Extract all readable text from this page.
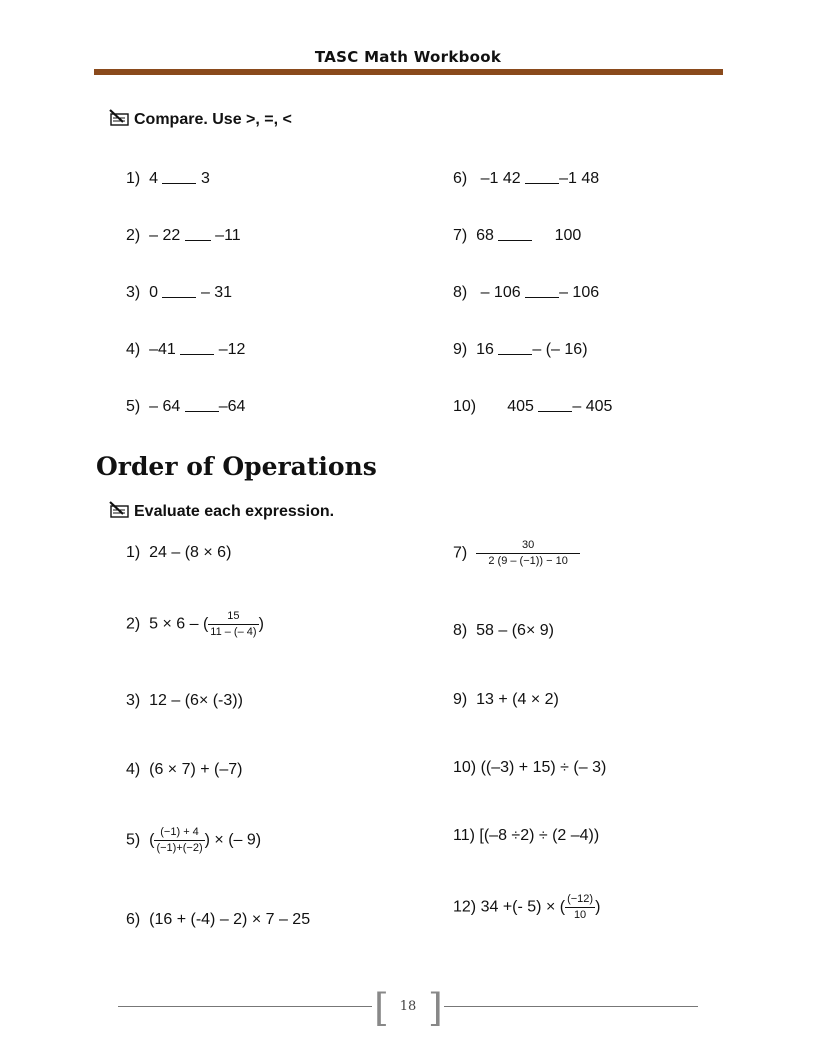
TASC Math Workbook
Compare. Use >, =, <
1) 4	3
2) – 22 –11
3) 0	– 31
4) –41	–12
5) – 64 –64
6) –1 42 –1 48
7) 68	100
8) – 106 – 106
9) 16 – (– 16)
10) 405 – 405
Order of Operations
Evaluate each expression.
1) 24 – (8 × 6)
2) 5 × 6 – ( $\frac{15}{11 - (- 4)}$ )
3) 12 – (6× (-3))
4) (6 × 7) + (–7)
5) ( $\frac{(-1) + 4}{(-1)+(-2)}$ ) × (– 9)
6) (16 + (-4) – 2) × 7 – 25
$7) \frac{30}{2 (9 - (-1)) - 10}$
8) 58 – (6× 9)
9) 13 + (4 × 2)
10) ((–3) + 15) ÷ (– 3)
11) [(–8 ÷2) ÷ (2 –4))
12) 34 +(- 5) × ( $\frac{(-12)}{10}$ )
[ ]
18
